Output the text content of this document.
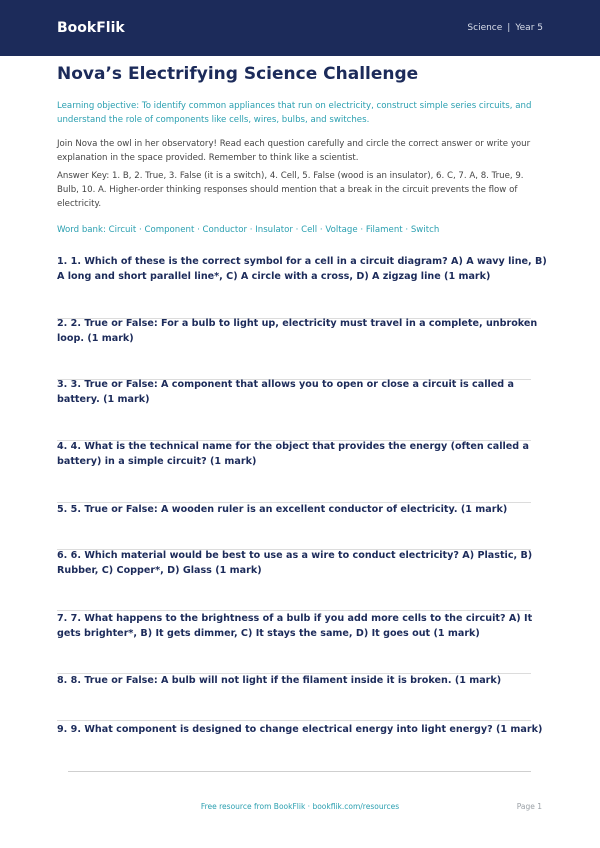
BookFlik	Science | Year 5
Nova’s Electrifying Science Challenge

Learning objective: To identify common appliances that run on electricity, construct simple series circuits, and understand the role of components like cells, wires, bulbs, and switches.

Join Nova the owl in her observatory! Read each question carefully and circle the correct answer or write your explanation in the space provided. Remember to think like a scientist.

Answer Key: 1. B, 2. True, 3. False (it is a switch), 4. Cell, 5. False (wood is an insulator), 6. C, 7. A, 8. True, 9. Bulb, 10. A. Higher-order thinking responses should mention that a break in the circuit prevents the flow of electricity.

Word bank: Circuit · Component · Conductor · Insulator · Cell · Voltage · Filament · Switch

1. 1. Which of these is the correct symbol for a cell in a circuit diagram? A) A wavy line, B) A long and short parallel line*, C) A circle with a cross, D) A zigzag line (1 mark)

2. 2. True or False: For a bulb to light up, electricity must travel in a complete, unbroken loop. (1 mark)

3. 3. True or False: A component that allows you to open or close a circuit is called a battery. (1 mark)

4. 4. What is the technical name for the object that provides the energy (often called a battery) in a simple circuit? (1 mark)

5. 5. True or False: A wooden ruler is an excellent conductor of electricity. (1 mark)

6. 6. Which material would be best to use as a wire to conduct electricity? A) Plastic, B) Rubber, C) Copper*, D) Glass (1 mark)

7. 7. What happens to the brightness of a bulb if you add more cells to the circuit? A) It gets brighter*, B) It gets dimmer, C) It stays the same, D) It goes out (1 mark)

8. 8. True or False: A bulb will not light if the filament inside it is broken. (1 mark)

9. 9. What component is designed to change electrical energy into light energy? (1 mark)

Free resource from BookFlik · bookflik.com/resources	Page 1
